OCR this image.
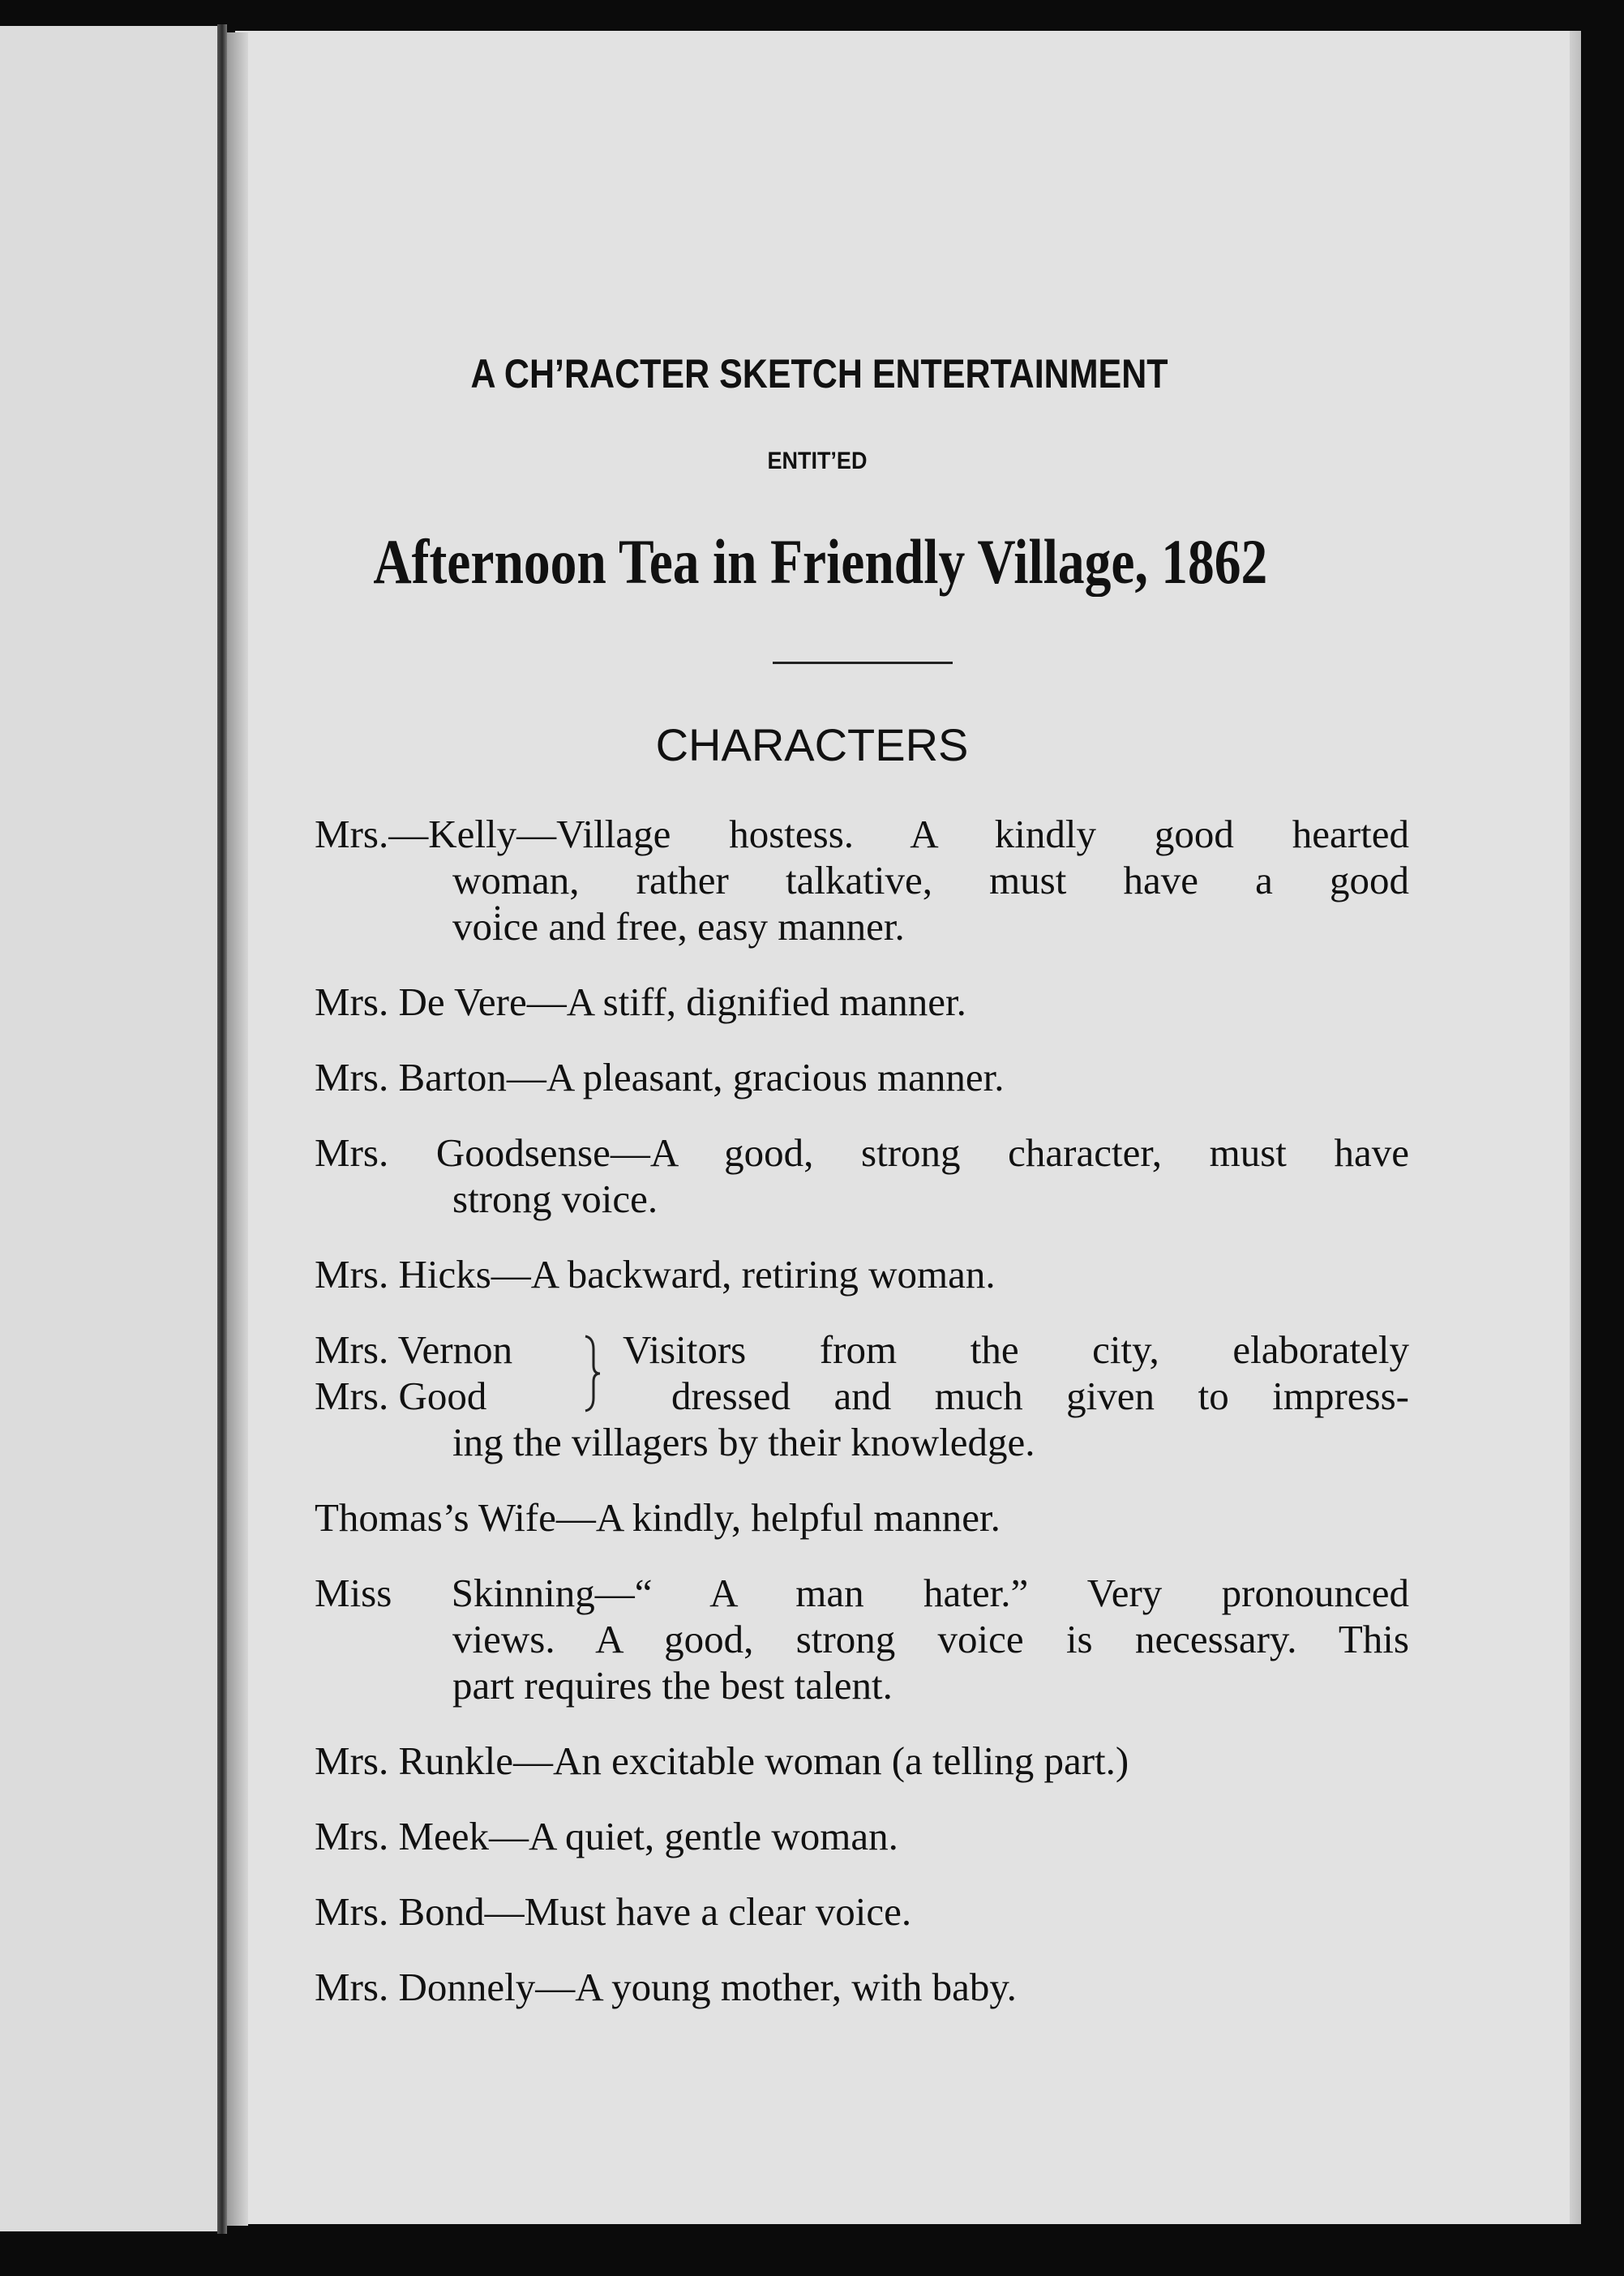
A CH’RACTER SKETCH ENTERTAINMENT
ENTIT’ED
Afternoon Tea in Friendly Village, 1862
CHARACTERS
Mrs.—Kelly—Village hostess. A kindly good hearted
woman, rather talkative, must have a good
voi̇ce and free, easy manner.
Mrs. De Vere—A stiff, dignified manner.
Mrs. Barton—A pleasant, gracious manner.
Mrs. Goodsense—A good, strong character, must have
strong voice.
Mrs. Hicks—A backward, retiring woman.
Mrs. Vernon
Mrs. Good
Visitors from the city, elaborately
dressed and much given to impress-
ing the villagers by their knowledge.
Thomas’s Wife—A kindly, helpful manner.
Miss Skinning—“ A man hater.” Very pronounced
views. A good, strong voice is necessary. This
part requires the best talent.
Mrs. Runkle—An excitable woman (a telling part.)
Mrs. Meek—A quiet, gentle woman.
Mrs. Bond—Must have a clear voice.
Mrs. Donnely—A young mother, with baby.
